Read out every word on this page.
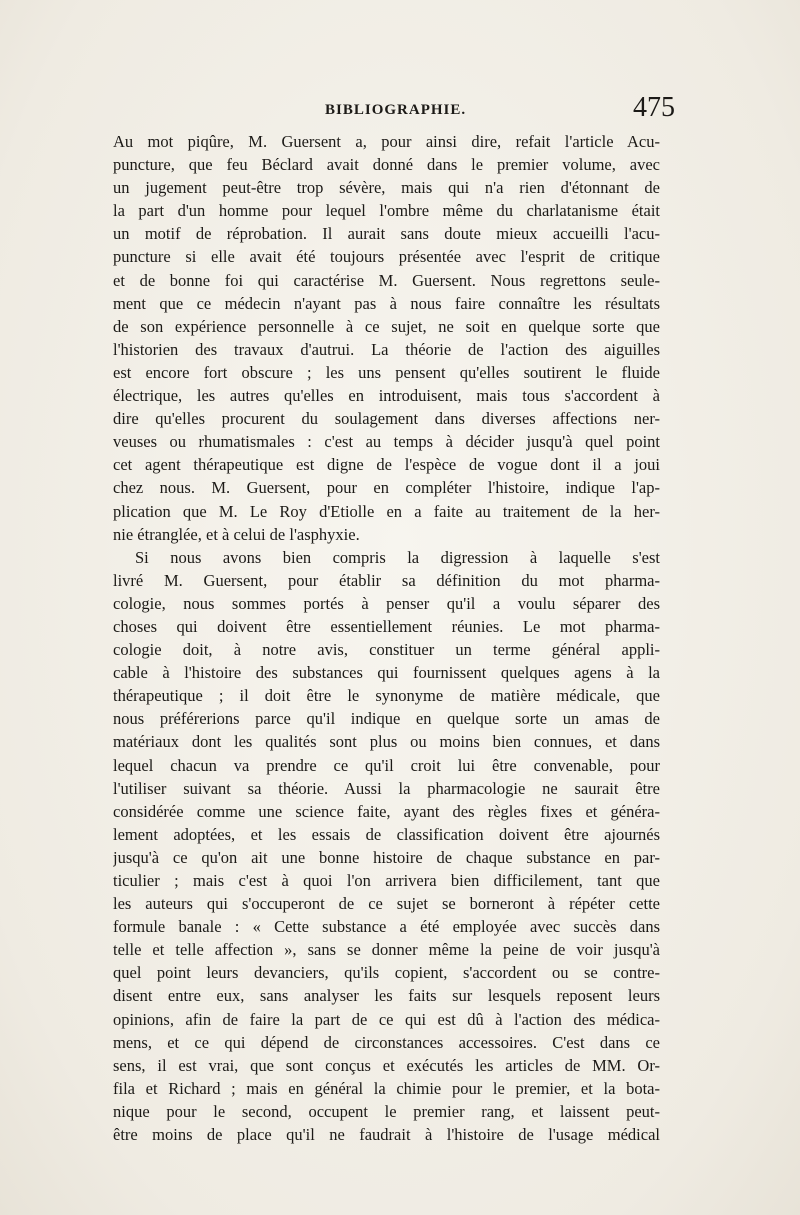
BIBLIOGRAPHIE.	475
Au mot piqûre, M. Guersent a, pour ainsi dire, refait l'article Acu-
puncture, que feu Béclard avait donné dans le premier volume, avec
un jugement peut-être trop sévère, mais qui n'a rien d'étonnant de
la part d'un homme pour lequel l'ombre même du charlatanisme était
un motif de réprobation. Il aurait sans doute mieux accueilli l'acu-
puncture si elle avait été toujours présentée avec l'esprit de critique
et de bonne foi qui caractérise M. Guersent. Nous regrettons seule-
ment que ce médecin n'ayant pas à nous faire connaître les résultats
de son expérience personnelle à ce sujet, ne soit en quelque sorte que
l'historien des travaux d'autrui. La théorie de l'action des aiguilles
est encore fort obscure ; les uns pensent qu'elles soutirent le fluide
électrique, les autres qu'elles en introduisent, mais tous s'accordent à
dire qu'elles procurent du soulagement dans diverses affections ner-
veuses ou rhumatismales : c'est au temps à décider jusqu'à quel point
cet agent thérapeutique est digne de l'espèce de vogue dont il a joui
chez nous. M. Guersent, pour en compléter l'histoire, indique l'ap-
plication que M. Le Roy d'Etiolle en a faite au traitement de la her-
nie étranglée, et à celui de l'asphyxie.
Si nous avons bien compris la digression à laquelle s'est
livré M. Guersent, pour établir sa définition du mot pharma-
cologie, nous sommes portés à penser qu'il a voulu séparer des
choses qui doivent être essentiellement réunies. Le mot pharma-
cologie doit, à notre avis, constituer un terme général appli-
cable à l'histoire des substances qui fournissent quelques agens à la
thérapeutique ; il doit être le synonyme de matière médicale, que
nous préférerions parce qu'il indique en quelque sorte un amas de
matériaux dont les qualités sont plus ou moins bien connues, et dans
lequel chacun va prendre ce qu'il croit lui être convenable, pour
l'utiliser suivant sa théorie. Aussi la pharmacologie ne saurait être
considérée comme une science faite, ayant des règles fixes et généra-
lement adoptées, et les essais de classification doivent être ajournés
jusqu'à ce qu'on ait une bonne histoire de chaque substance en par-
ticulier ; mais c'est à quoi l'on arrivera bien difficilement, tant que
les auteurs qui s'occuperont de ce sujet se borneront à répéter cette
formule banale : « Cette substance a été employée avec succès dans
telle et telle affection », sans se donner même la peine de voir jusqu'à
quel point leurs devanciers, qu'ils copient, s'accordent ou se contre-
disent entre eux, sans analyser les faits sur lesquels reposent leurs
opinions, afin de faire la part de ce qui est dû à l'action des médica-
mens, et ce qui dépend de circonstances accessoires. C'est dans ce
sens, il est vrai, que sont conçus et exécutés les articles de MM. Or-
fila et Richard ; mais en général la chimie pour le premier, et la bota-
nique pour le second, occupent le premier rang, et laissent peut-
être moins de place qu'il ne faudrait à l'histoire de l'usage médical
